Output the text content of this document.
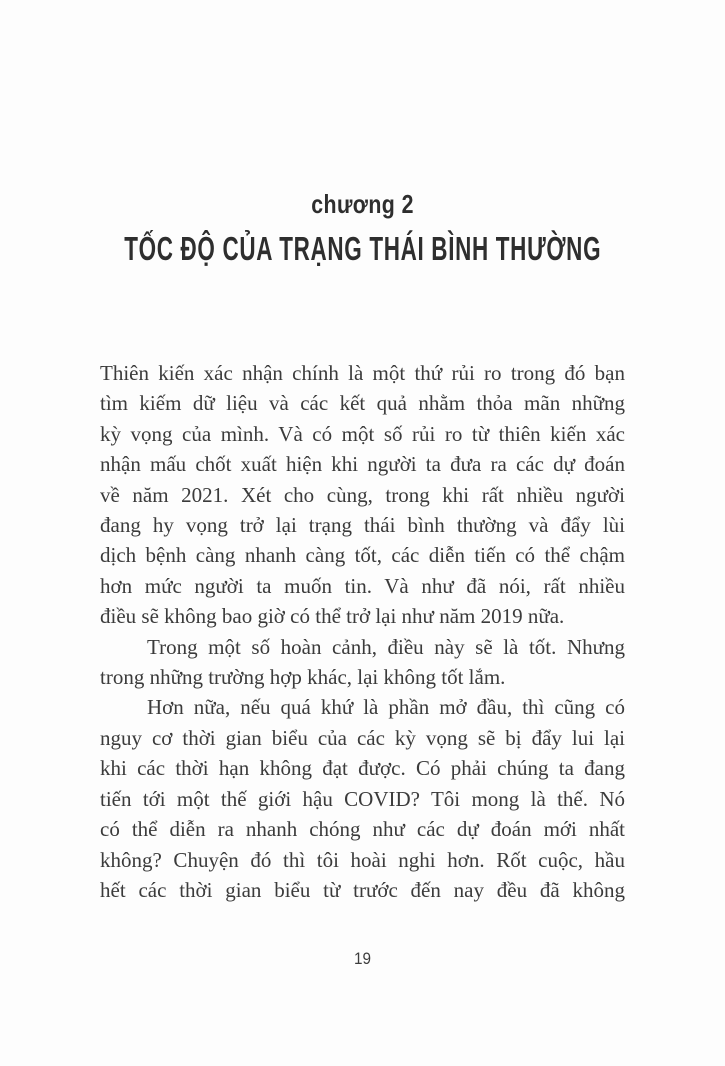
chương 2
TỐC ĐỘ CỦA TRẠNG THÁI BÌNH THƯỜNG
Thiên kiến xác nhận chính là một thứ rủi ro trong đó bạn
tìm kiếm dữ liệu và các kết quả nhằm thỏa mãn những
kỳ vọng của mình. Và có một số rủi ro từ thiên kiến xác
nhận mấu chốt xuất hiện khi người ta đưa ra các dự đoán
về năm 2021. Xét cho cùng, trong khi rất nhiều người
đang hy vọng trở lại trạng thái bình thường và đẩy lùi
dịch bệnh càng nhanh càng tốt, các diễn tiến có thể chậm
hơn mức người ta muốn tin. Và như đã nói, rất nhiều
điều sẽ không bao giờ có thể trở lại như năm 2019 nữa.
Trong một số hoàn cảnh, điều này sẽ là tốt. Nhưng
trong những trường hợp khác, lại không tốt lắm.
Hơn nữa, nếu quá khứ là phần mở đầu, thì cũng có
nguy cơ thời gian biểu của các kỳ vọng sẽ bị đẩy lui lại
khi các thời hạn không đạt được. Có phải chúng ta đang
tiến tới một thế giới hậu COVID? Tôi mong là thế. Nó
có thể diễn ra nhanh chóng như các dự đoán mới nhất
không? Chuyện đó thì tôi hoài nghi hơn. Rốt cuộc, hầu
hết các thời gian biểu từ trước đến nay đều đã không
19
